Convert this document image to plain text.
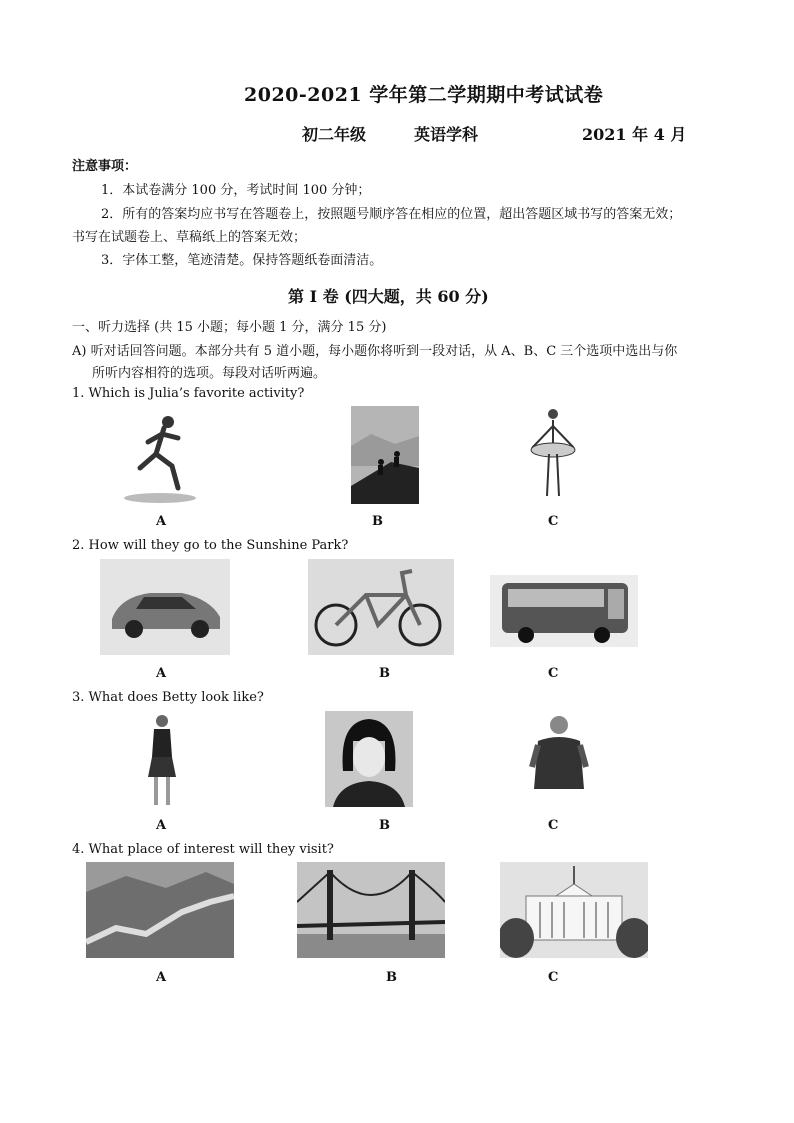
2020-2021 学年第二学期期中考试试卷
初二年级	英语学科	2021 年 4 月
注意事项：
1．本试卷满分 100 分，考试时间 100 分钟；
2．所有的答案均应书写在答题卷上，按照题号顺序答在相应的位置，超出答题区域书写的答案无效；
书写在试题卷上、草稿纸上的答案无效；
3．字体工整，笔迹清楚。保持答题纸卷面清洁。
第 I 卷 (四大题，共 60 分)
一、听力选择 (共 15 小题；每小题 1 分，满分 15 分)
A) 听对话回答问题。本部分共有 5 道小题，每小题你将听到一段对话，从 A、B、C 三个选项中选出与你
所听内容相符的选项。每段对话听两遍。
1. Which is Julia’s favorite activity?
A	B	C
2. How will they go to the Sunshine Park?
A	B	C
3. What does Betty look like?
A	B	C
4. What place of interest will they visit?
A	B	C
